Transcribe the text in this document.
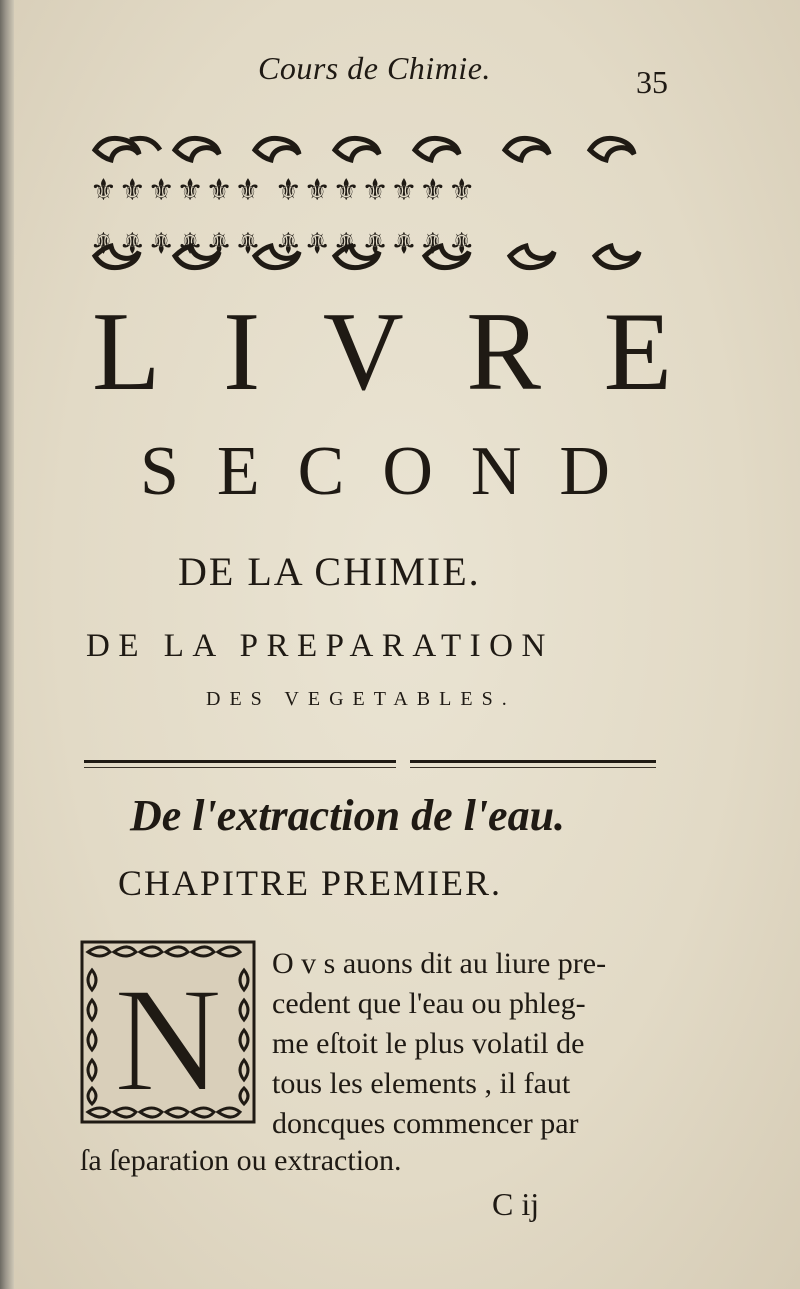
Cours de Chimie.	35
⚜⚜⚜⚜⚜⚜ ⚜⚜⚜⚜⚜⚜⚜
⚜⚜⚜⚜⚜⚜ ⚜⚜⚜⚜⚜⚜⚜
L I V R E
S E C O N D
DE LA CHIMIE.
DE LA PREPARATION
DES VEGETABLES.
De l'extraction de l'eau.
CHAPITRE PREMIER.
N O v s auons dit au liure pre-
cedent que l'eau ou phleg-
me eſtoit le plus volatil de
tous les elements , il faut
doncques commencer par
ſa ſeparation ou extraction.
C ij
